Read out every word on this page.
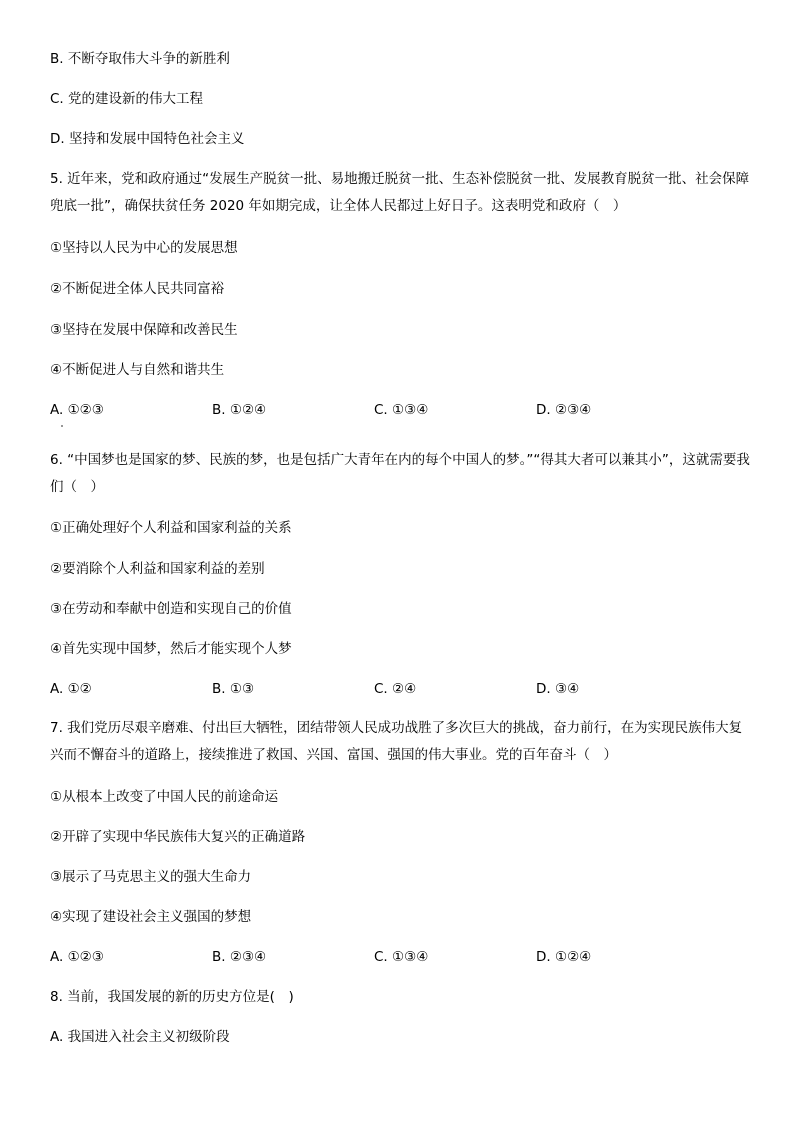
B. 不断夺取伟大斗争的新胜利
C. 党的建设新的伟大工程
D. 坚持和发展中国特色社会主义
5. 近年来，党和政府通过“发展生产脱贫一批、易地搬迁脱贫一批、生态补偿脱贫一批、发展教育脱贫一批、社会保障兜底一批”，确保扶贫任务 2020 年如期完成，让全体人民都过上好日子。这表明党和政府（　）
①坚持以人民为中心的发展思想
②不断促进全体人民共同富裕
③坚持在发展中保障和改善民生
④不断促进人与自然和谐共生
A. ①②③	B. ①②④	C. ①③④	D. ②③④
6. “中国梦也是国家的梦、民族的梦，也是包括广大青年在内的每个中国人的梦。”“得其大者可以兼其小”，这就需要我们（　）
①正确处理好个人利益和国家利益的关系
②要消除个人利益和国家利益的差别
③在劳动和奉献中创造和实现自己的价值
④首先实现中国梦，然后才能实现个人梦
A. ①②	B. ①③	C. ②④	D. ③④
7. 我们党历尽艰辛磨难、付出巨大牺牲，团结带领人民成功战胜了多次巨大的挑战，奋力前行，在为实现民族伟大复兴而不懈奋斗的道路上，接续推进了救国、兴国、富国、强国的伟大事业。党的百年奋斗（　）
①从根本上改变了中国人民的前途命运
②开辟了实现中华民族伟大复兴的正确道路
③展示了马克思主义的强大生命力
④实现了建设社会主义强国的梦想
A. ①②③	B. ②③④	C. ①③④	D. ①②④
8. 当前，我国发展的新的历史方位是(　)
A. 我国进入社会主义初级阶段
